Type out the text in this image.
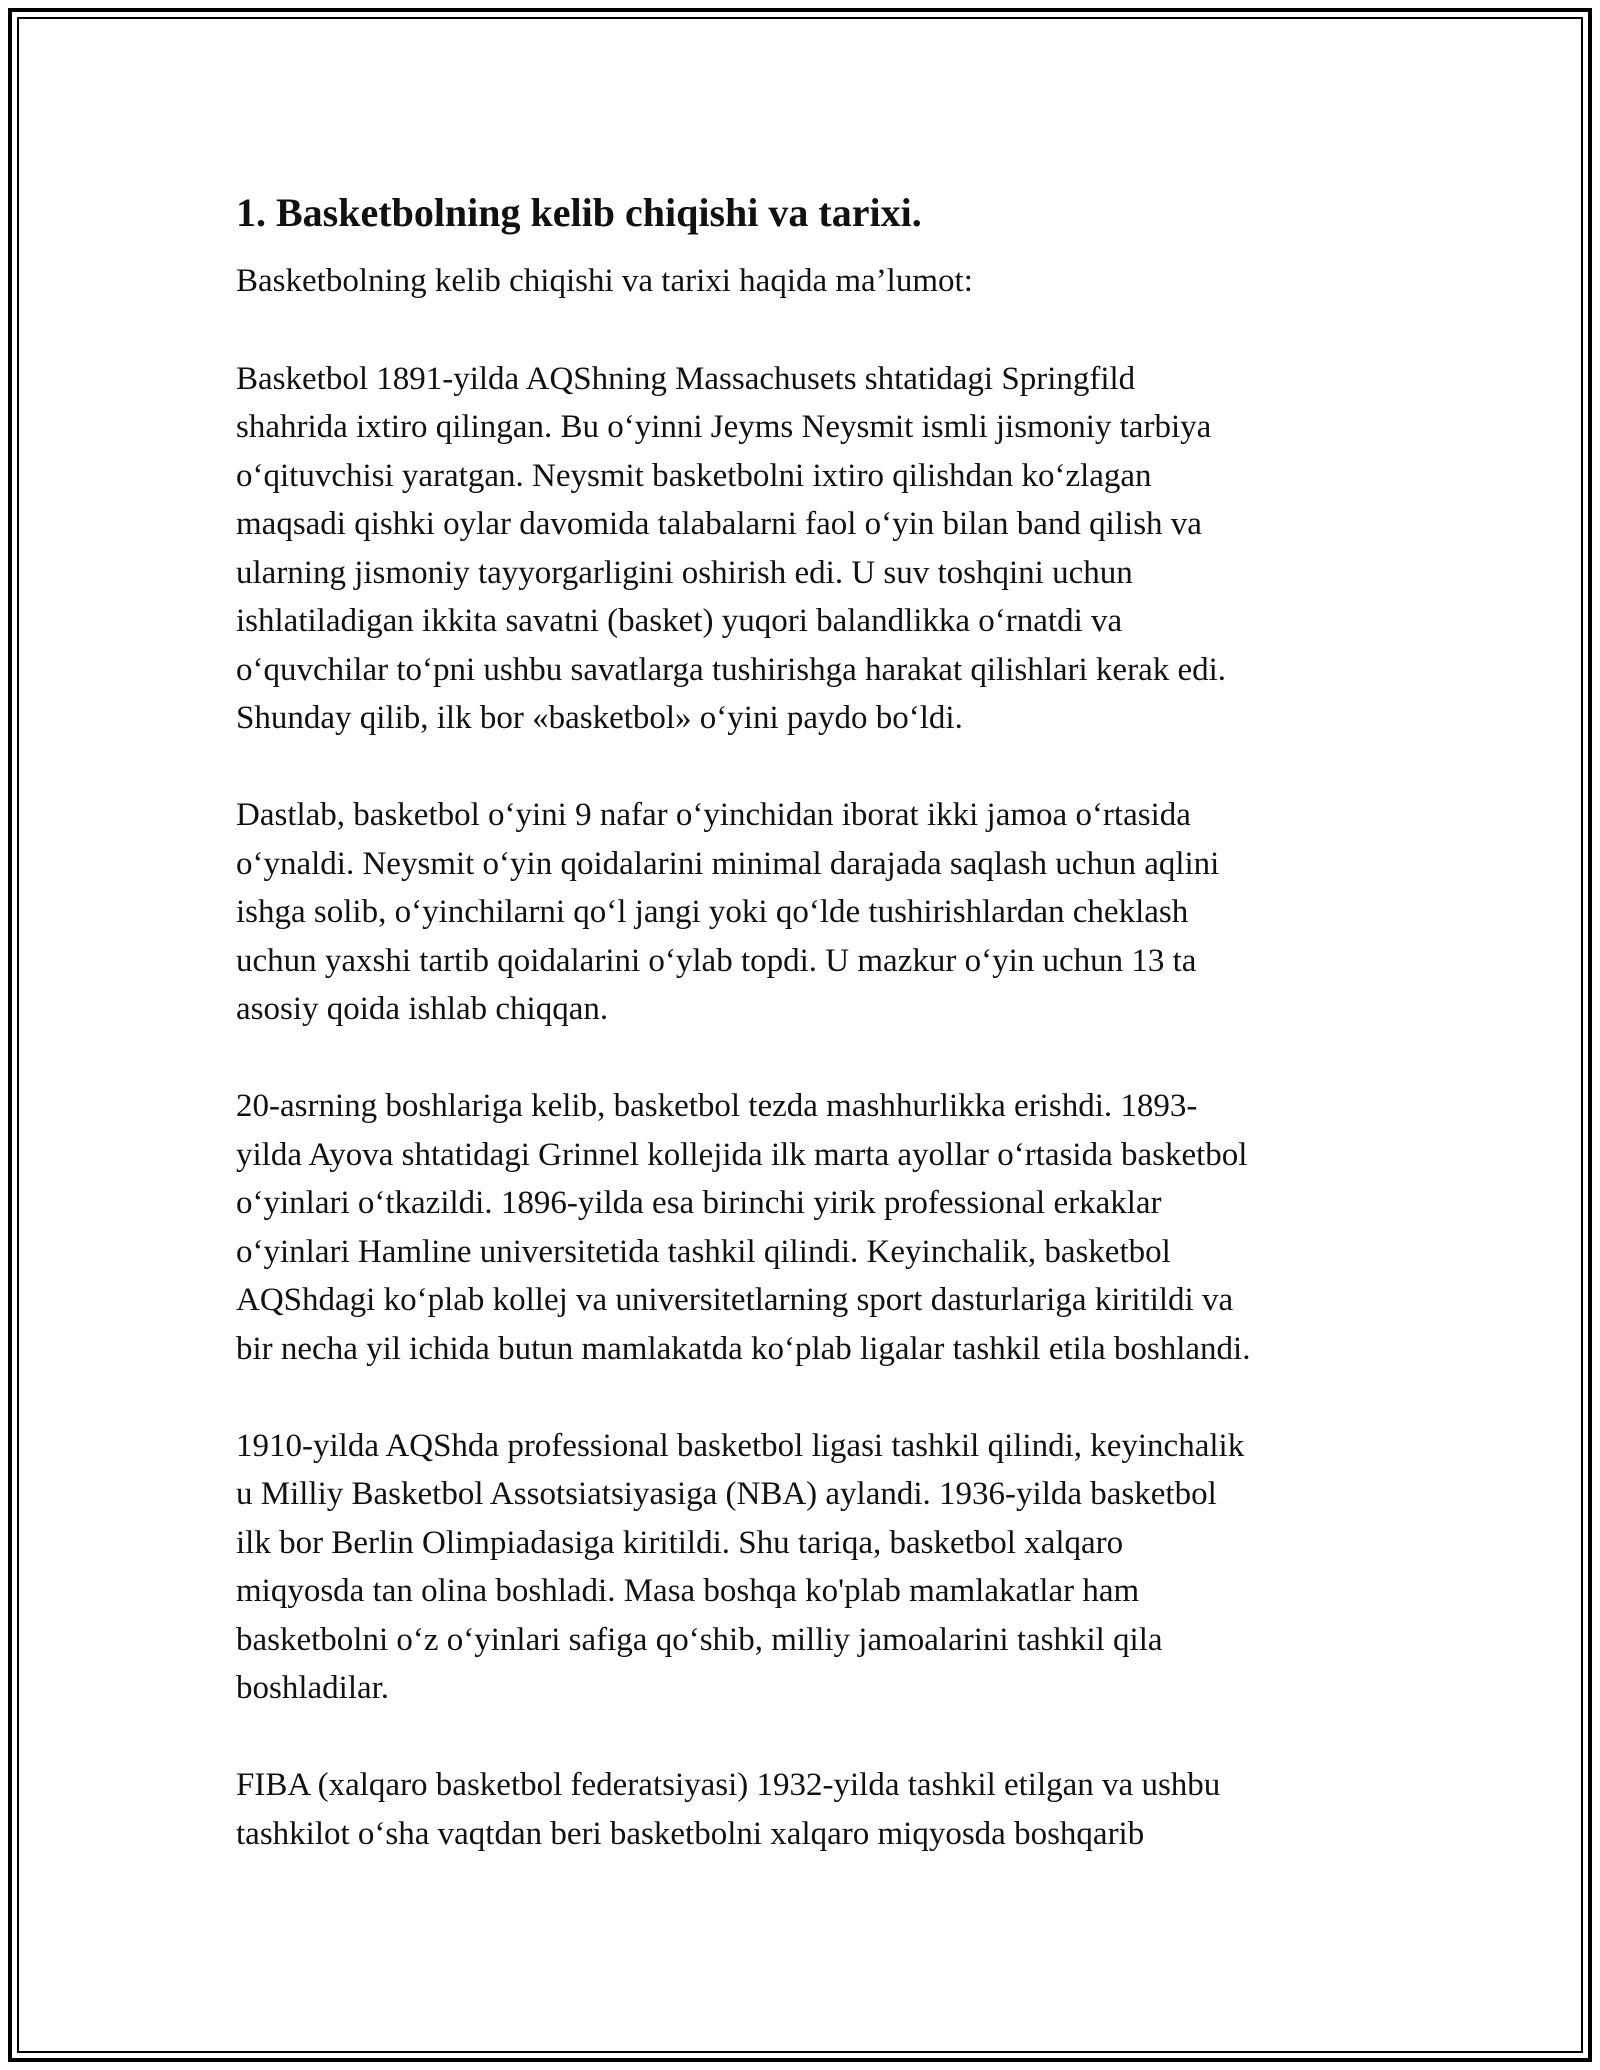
1. Basketbolning kelib chiqishi va tarixi.

Basketbolning kelib chiqishi va tarixi haqida ma’lumot:

Basketbol 1891-yilda AQShning Massachusets shtatidagi Springfild
shahrida ixtiro qilingan. Bu o‘yinni Jeyms Neysmit ismli jismoniy tarbiya
o‘qituvchisi yaratgan. Neysmit basketbolni ixtiro qilishdan ko‘zlagan
maqsadi qishki oylar davomida talabalarni faol o‘yin bilan band qilish va
ularning jismoniy tayyorgarligini oshirish edi. U suv toshqini uchun
ishlatiladigan ikkita savatni (basket) yuqori balandlikka o‘rnatdi va
o‘quvchilar to‘pni ushbu savatlarga tushirishga harakat qilishlari kerak edi.
Shunday qilib, ilk bor «basketbol» o‘yini paydo bo‘ldi.

Dastlab, basketbol o‘yini 9 nafar o‘yinchidan iborat ikki jamoa o‘rtasida
o‘ynaldi. Neysmit o‘yin qoidalarini minimal darajada saqlash uchun aqlini
ishga solib, o‘yinchilarni qo‘l jangi yoki qo‘lde tushirishlardan cheklash
uchun yaxshi tartib qoidalarini o‘ylab topdi. U mazkur o‘yin uchun 13 ta
asosiy qoida ishlab chiqqan.

20-asrning boshlariga kelib, basketbol tezda mashhurlikka erishdi. 1893-
yilda Ayova shtatidagi Grinnel kollejida ilk marta ayollar o‘rtasida basketbol
o‘yinlari o‘tkazildi. 1896-yilda esa birinchi yirik professional erkaklar
o‘yinlari Hamline universitetida tashkil qilindi. Keyinchalik, basketbol
AQShdagi ko‘plab kollej va universitetlarning sport dasturlariga kiritildi va
bir necha yil ichida butun mamlakatda ko‘plab ligalar tashkil etila boshlandi.

1910-yilda AQShda professional basketbol ligasi tashkil qilindi, keyinchalik
u Milliy Basketbol Assotsiatsiyasiga (NBA) aylandi. 1936-yilda basketbol
ilk bor Berlin Olimpiadasiga kiritildi. Shu tariqa, basketbol xalqaro
miqyosda tan olina boshladi. Masa boshqa ko'plab mamlakatlar ham
basketbolni o‘z o‘yinlari safiga qo‘shib, milliy jamoalarini tashkil qila
boshladilar.

FIBA (xalqaro basketbol federatsiyasi) 1932-yilda tashkil etilgan va ushbu
tashkilot o‘sha vaqtdan beri basketbolni xalqaro miqyosda boshqarib
